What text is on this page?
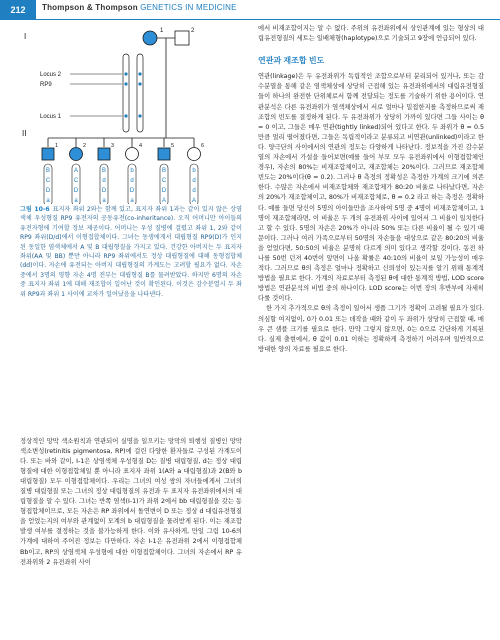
212	Thompson & Thompson GENETICS IN MEDICINE
I
II
1	2
Locus 2
RP9
Locus 1
1
B
C
D
a
2
A
C
D
a
3
B
d
D
a
4
b
d
D
a
5
B
C
D
A
6
b
d
d
A
그림 10-6 표지자 좌위 2와는 함께 있고, 표지자 좌위 1과는 같이 있지 않은 상염색체 우성형질 RP9 유전자의 공동유전(co-inheritance). 오직 어머니만 아이들의 유전자형에 기여할 정보 제공이다. 어머니는 우성 질병에 걸렸고 좌위 1, 2와 같이 RP9 좌위(D/d)에서 이형접합체이다. 그녀는 동생에게서 대립형질 RP9(D)가 인지된 동일한 염색체에서 A 및 B 대립형질을 가지고 있다. 건강한 아버지는 두 표지자 좌위(AA 및 BB) 뿐만 아니라 RP9 좌위에서도 정상 대립형질에 대해 동형접합체(dd)이다. 자손에 유전되는 아버지 대립형질의 가계도는 고려할 필요가 없다. 자손 중에서 3명의 영향 자손 4명 전부는 대립형질 B를 물려받았다. 하지만 6명의 자손 중 표지자 좌위 1에 대해 재조합이 일어난 것이 확인된다. 이것은 감수분열시 두 좌위 RP9과 좌위 1 사이에 교차가 일어났음을 나타낸다.

정상적인 망막 색소원칙과 연관되어 실명을 일으키는 망막의 퇴행성 질병인 망막 색소변성(retinitis pigmentosa, RP)에 걸린 다양한 환자들로 구성된 가계도이다. 또는 바와 같이, I-1은 상염색체 우성형질 D는 질병 대립형질, d는 정상 대립형질에 대한 이형접합체일 뿐 아니라 표지자 좌위 1(A와 a 대립형질)과 2(B와 b 대립형질) 모두 이형접합체이다. 우리는 그녀의 여성 쌍의 자녀들에게서 그녀의 질병 대립형질 또는 그녀의 정상 대립형질의 유전과 두 표지자 유전좌위에서의 대립형질을 알 수 있다. 그녀는 반쪽 염색(I-1)가 좌위 2에서 bb 대립형질을 갖는 동형접합체이므로, 모든 자손은 RP 좌위에서 돌연변이 D 또는 정상 d 대립유전형질을 얻었는지의 여부와 관계없이 모계의 b 대립형질을 물려받게 된다. 이는 재조합 발생 여부를 결정하는 것을 불가능하게 한다. 이와 유사하게, 만일 그림 10-6의 가계에 대하여 주어진 정보는 다만하다. 자손 I-1은 유전좌위 2에서 이형접합체 Bb이고, RP의 상염색체 우성형에 대한 이형접합체이다. 그녀의 자손에서 RP 유전좌위와 2 유전좌위 사이

에서 비재조합이지는 알 수 없다. 주위의 유전좌위에서 상인관계에 있는 형상의 대립유전형질의 세트는 일배체형(haplotype)으로 기술되고 9장에 언급되어 있다.

연관과 재조합 빈도

연관(linkage)은 두 유전좌위가 독립적인 조합으로부터 분리되어 있거나, 또는 감수분열을 통해 같은 염색체상에 상당히 근접해 있는 유전좌위에서의 대립유전형질들이 하나의 완전한 단위체로서 함께 전달되는 정도를 기술하기 위한 용어이다. 연관분석은 다른 유전좌위가 염색체상에서 서로 얼마나 밀접한지를 측정하므로써 재조합의 빈도를 결정하게 된다. 두 유전좌위가 상당히 가까이 있다면 그들 사이는 θ = 0 이고, 그들은 매우 연관(tightly linked)되어 있다고 한다. 두 좌위가 θ = 0.5 만큼 멀리 떨어졌다면, 그들은 독립적이라고 분류되고 비연관(unlinked)이라고 한다. 양극단의 사이에서의 연관의 정도는 다양하게 나타난다. 정보적을 가진 감수분열의 자손에서 가설을 들어보면(예를 들어 부모 모두 유전좌위에서 이형접합체인 경우), 자손의 80%는 비재조합체이고, 재조합체는 20%이다. 그러므로 재조합체 빈도는 20%이다(θ = 0.2). 그러나 θ 측정의 정확성은 측정한 가계의 크기에 의존한다. 수많은 자손에서 비재조합체와 재조합체가 80:20 비율로 나타났다면, 자손의 20%가 재조합체이고, 80%가 비재조합체로, θ = 0.2 라고 하는 측정은 정확하다. 예를 들면 당신이 5명의 아이들만을 조사하여 5명 중 4명이 비재조합체이고, 1명이 재조합체라면, 이 비율은 두 개의 유전좌위 사이에 있어서 그 비율이 일치한다고 할 수 있다. 5명의 자손은 20%가 아니라 50% 또는 다른 비율이 될 수 있기 때문이다. 그러나 여러 가족으로부터 50명의 자손들을 대상으로 같은 80:20의 비율을 얻었다면, 50:50의 비율은 분명히 다르게 의미 있다고 생각할 것이다. 동전 하나를 50번 던져 40번이 앞면이 나올 확률은 40:10의 비율이 보일 가능성이 매우 적다. 그러므로 θ의 측정은 얼마나 정확하고 신뢰성이 있는지를 알기 위해 통계적 방법을 필요로 한다. 가계의 자료로부터 측정된 θ에 대한 통계적 방법, LOD score 방법은 연관분석의 비법 중의 하나이다. LOD score는 이번 장의 후반부에 자세히 다룰 것이다.

한 가지 추가적으로 θ의 측정이 일어서 생플 그기가 정확이 고려될 필요가 있다. 의심할 여지없이, 0가 0.01 또는 데작을 때와 같이 두 좌위가 상당히 근접할 때, 매우 큰 샘플 크기를 필요로 한다. 만약 그렇지 않으면, 0는 0으로 간단하게 기록된다. 실제 출현에서, θ 값이 0.01 이하는 정확하게 측정하기 어려우며 일반적으로 방대한 양의 자료를 필요로 한다.
